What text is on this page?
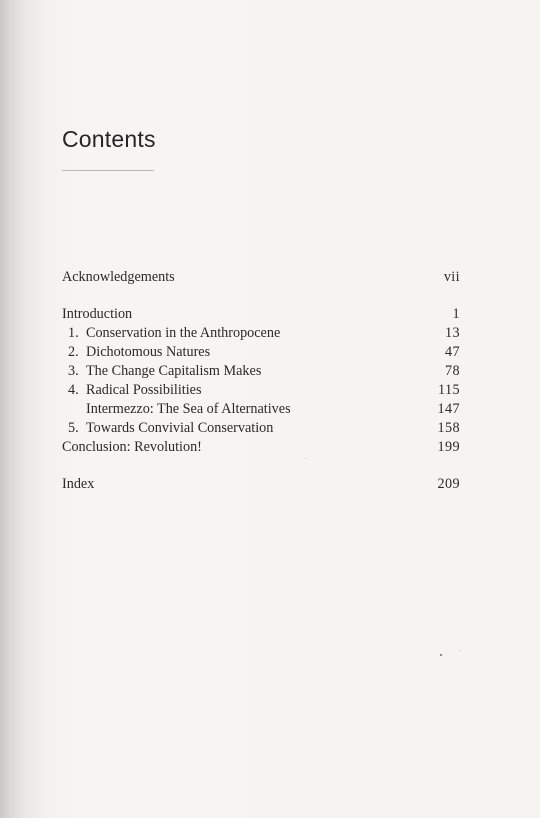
Contents
Acknowledgements	vii
Introduction	1
1. Conservation in the Anthropocene	13
2. Dichotomous Natures	47
3. The Change Capitalism Makes	78
4. Radical Possibilities	115
Intermezzo: The Sea of Alternatives	147
5. Towards Convivial Conservation	158
Conclusion: Revolution!	199
Index	209
